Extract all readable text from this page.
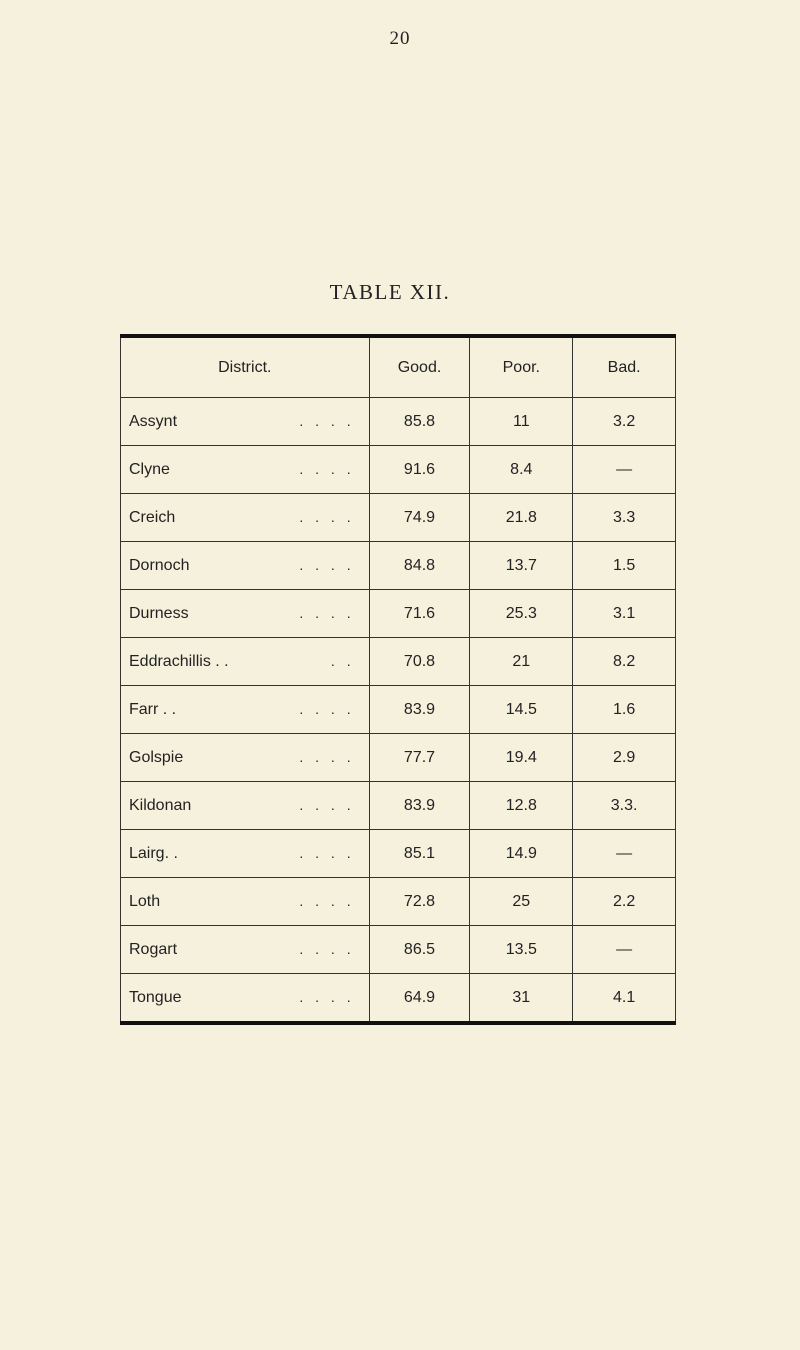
20
TABLE XII.
District.	Good.	Poor.	Bad.
Assynt . . . .	85.8	11	3.2
Clyne . . . .	91.6	8.4	—
Creich . . . .	74.9	21.8	3.3
Dornoch . . . .	84.8	13.7	1.5
Durness . . . .	71.6	25.3	3.1
Eddrachillis . . . .	70.8	21	8.2
Farr . . . . . .	83.9	14.5	1.6
Golspie . . . .	77.7	19.4	2.9
Kildonan . . . .	83.9	12.8	3.3.
Lairg. . . . . .	85.1	14.9	—
Loth . . . .	72.8	25	2.2
Rogart . . . .	86.5	13.5	—
Tongue . . . .	64.9	31	4.1
